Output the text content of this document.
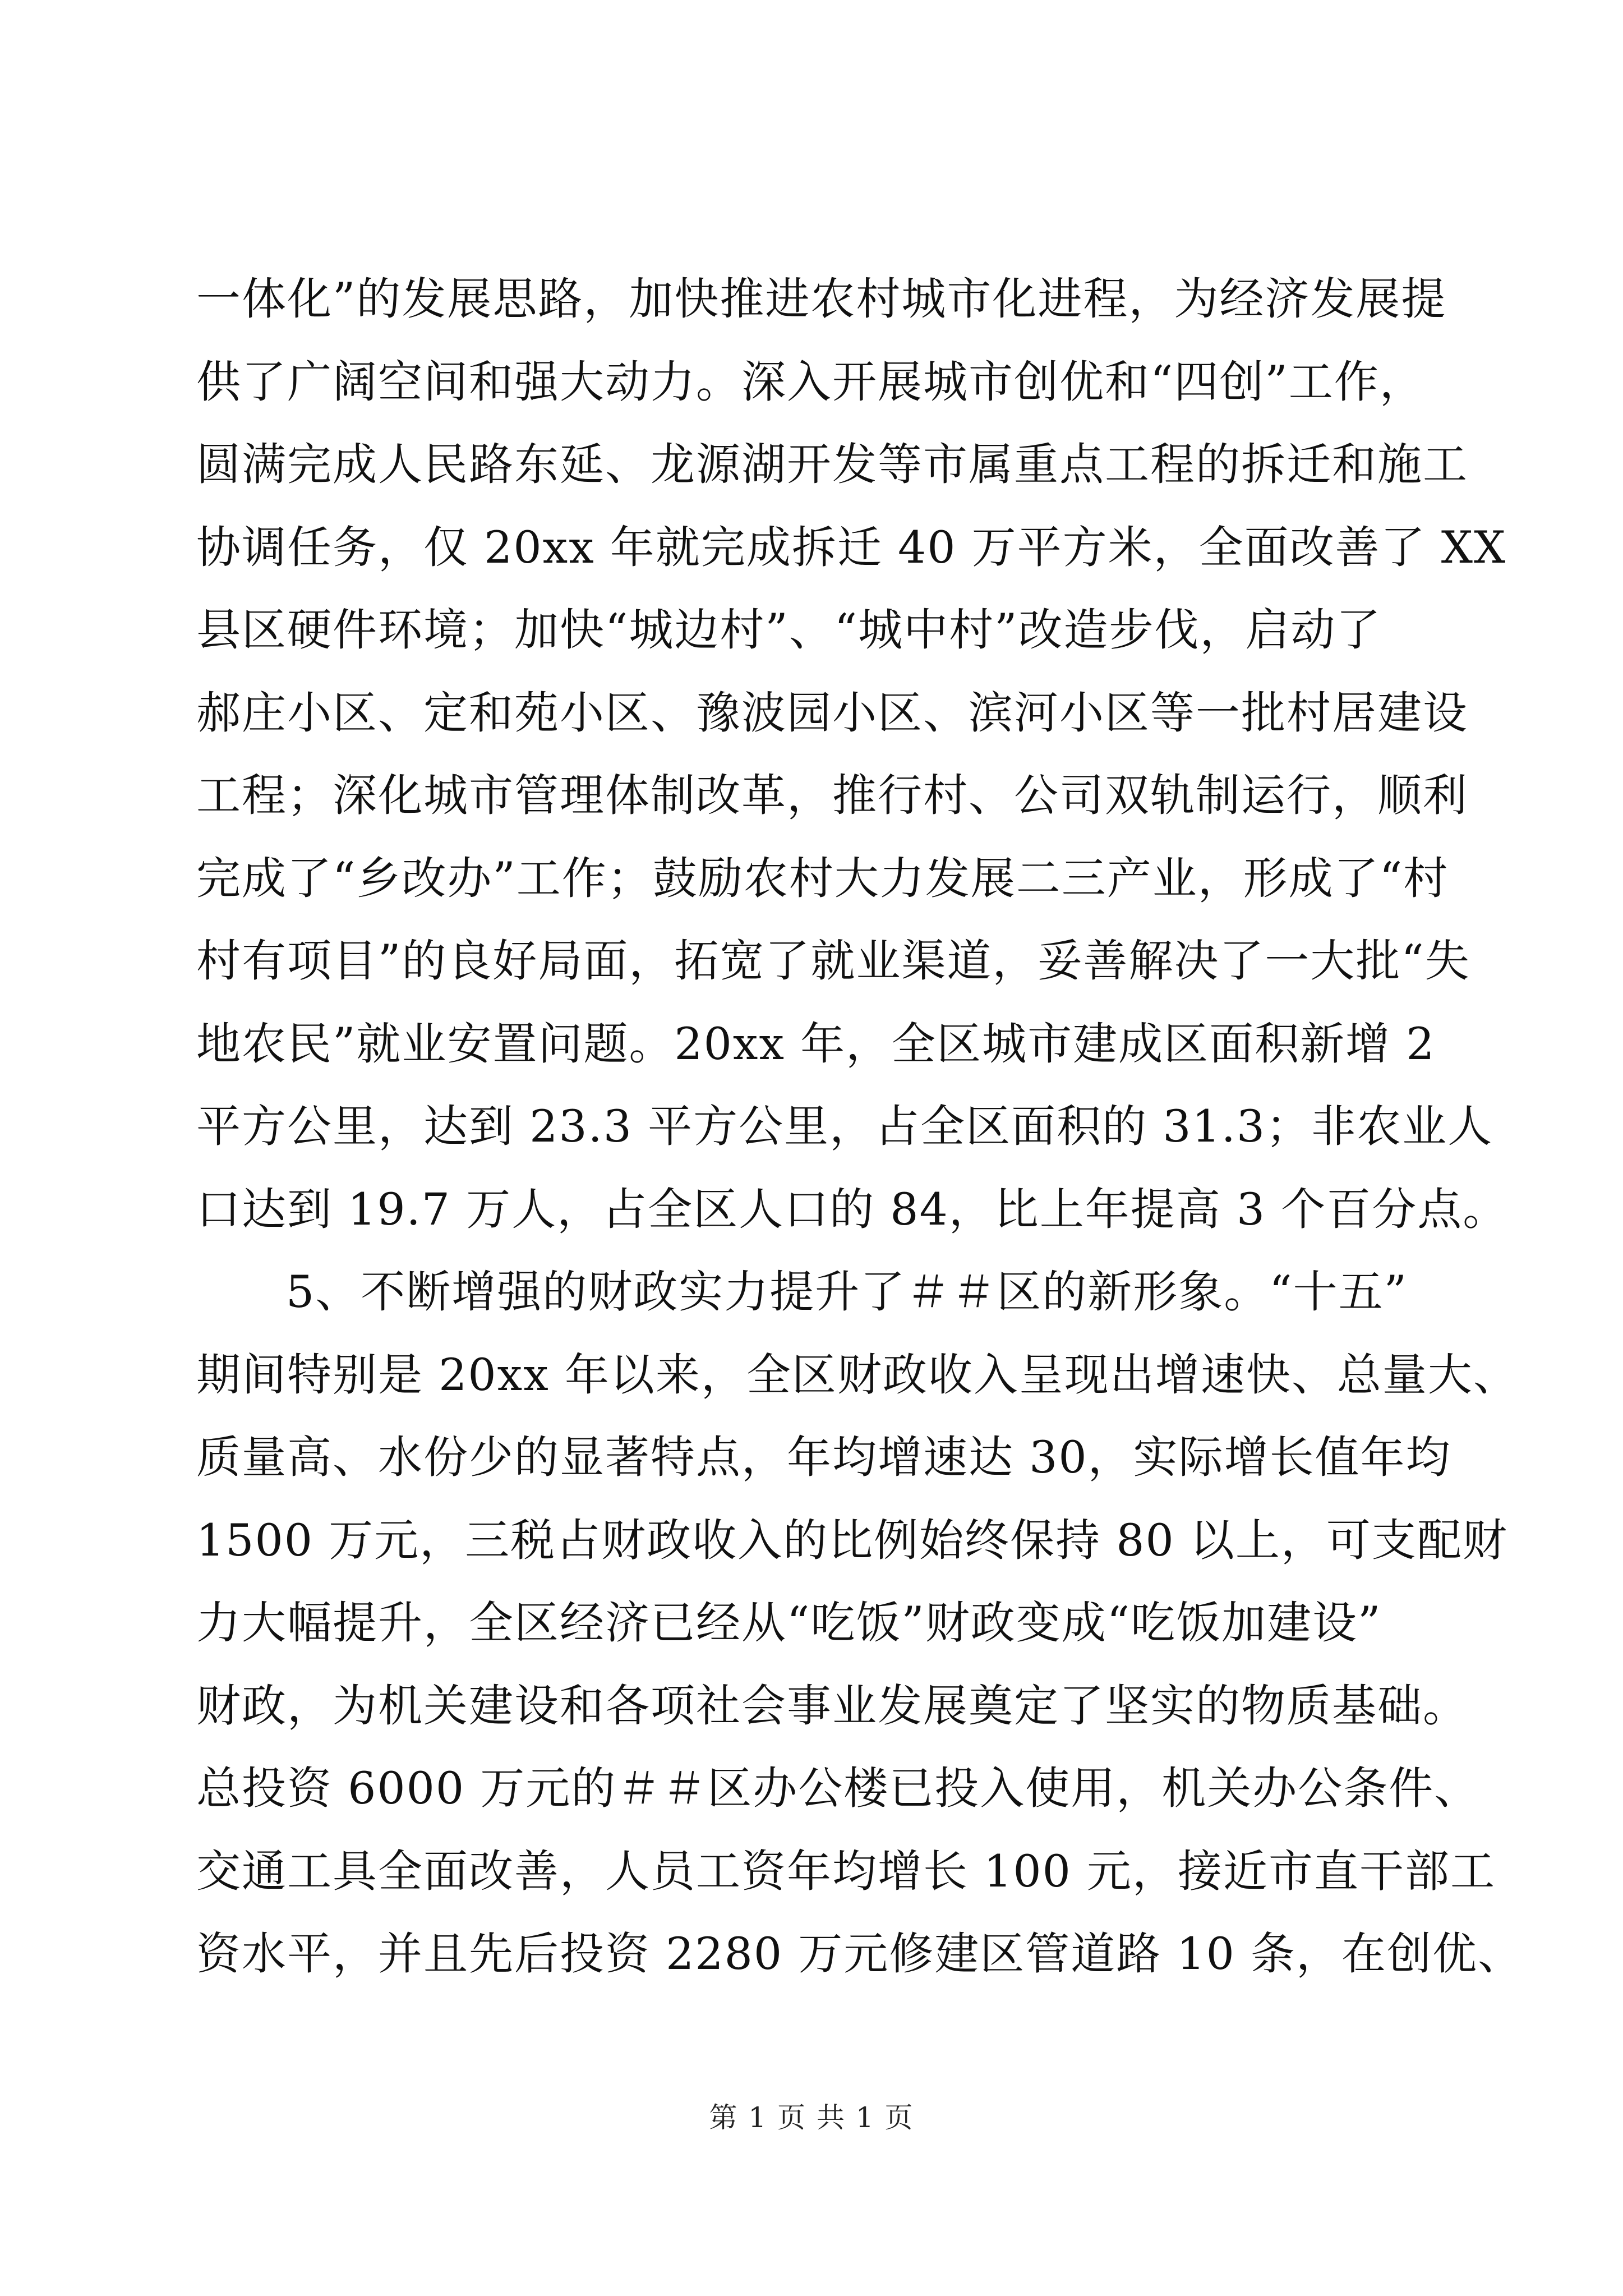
一体化”的发展思路，加快推进农村城市化进程，为经济发展提
供了广阔空间和强大动力。深入开展城市创优和“四创”工作，
圆满完成人民路东延、龙源湖开发等市属重点工程的拆迁和施工
协调任务，仅 20xx 年就完成拆迁 40 万平方米，全面改善了 XX
县区硬件环境；加快“城边村”、“城中村”改造步伐，启动了
郝庄小区、定和苑小区、豫波园小区、滨河小区等一批村居建设
工程；深化城市管理体制改革，推行村、公司双轨制运行，顺利
完成了“乡改办”工作；鼓励农村大力发展二三产业，形成了“村
村有项目”的良好局面，拓宽了就业渠道，妥善解决了一大批“失
地农民”就业安置问题。20xx 年，全区城市建成区面积新增 2
平方公里，达到 23.3 平方公里，占全区面积的 31.3；非农业人
口达到 19.7 万人，占全区人口的 84，比上年提高 3 个百分点。
5、不断增强的财政实力提升了＃＃区的新形象。“十五”
期间特别是 20xx 年以来，全区财政收入呈现出增速快、总量大、
质量高、水份少的显著特点，年均增速达 30，实际增长值年均
1500 万元，三税占财政收入的比例始终保持 80 以上，可支配财
力大幅提升，全区经济已经从“吃饭”财政变成“吃饭加建设”
财政，为机关建设和各项社会事业发展奠定了坚实的物质基础。
总投资 6000 万元的＃＃区办公楼已投入使用，机关办公条件、
交通工具全面改善，人员工资年均增长 100 元，接近市直干部工
资水平，并且先后投资 2280 万元修建区管道路 10 条，在创优、
第 1 页 共 1 页
